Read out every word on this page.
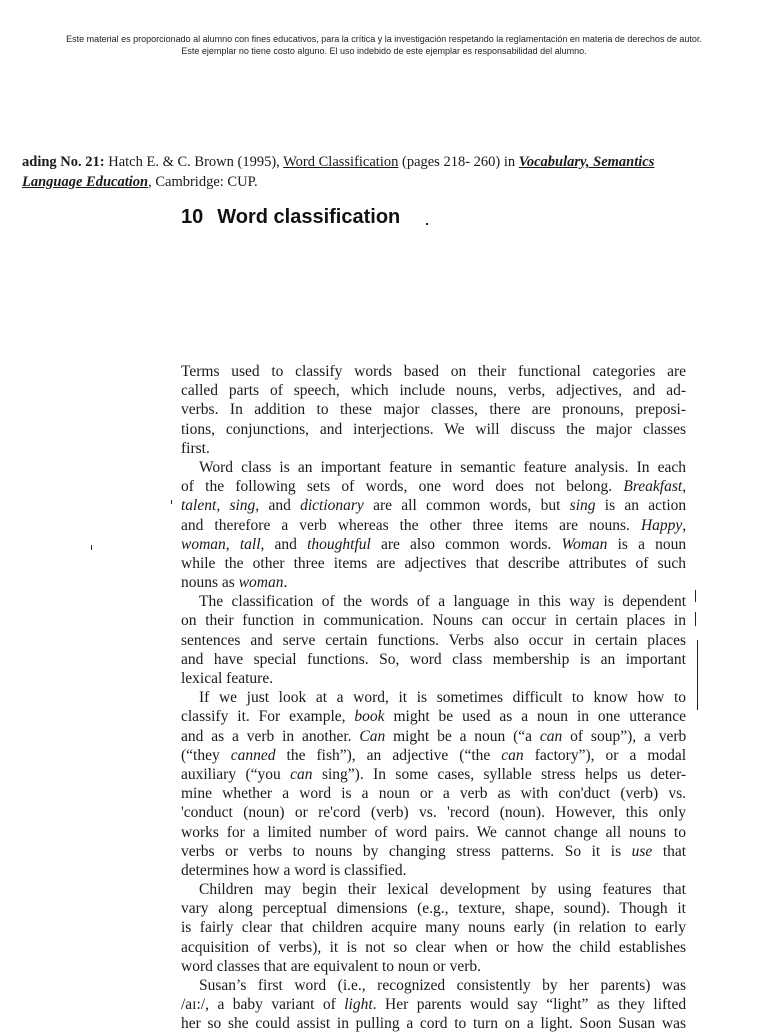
Este material es proporcionado al alumno con fines educativos, para la crítica y la investigación respetando la reglamentación en materia de derechos de autor.
Este ejemplar no tiene costo alguno. El uso indebido de este ejemplar es responsabilidad del alumno.
ading No. 21: Hatch E. & C. Brown (1995), Word Classification (pages 218- 260) in Vocabulary, Semantics
Language Education, Cambridge: CUP.
10 Word classification
Terms used to classify words based on their functional categories are
called parts of speech, which include nouns, verbs, adjectives, and ad-
verbs. In addition to these major classes, there are pronouns, preposi-
tions, conjunctions, and interjections. We will discuss the major classes
first.
Word class is an important feature in semantic feature analysis. In each
of the following sets of words, one word does not belong. Breakfast,
talent, sing, and dictionary are all common words, but sing is an action
and therefore a verb whereas the other three items are nouns. Happy,
woman, tall, and thoughtful are also common words. Woman is a noun
while the other three items are adjectives that describe attributes of such
nouns as woman.
The classification of the words of a language in this way is dependent
on their function in communication. Nouns can occur in certain places in
sentences and serve certain functions. Verbs also occur in certain places
and have special functions. So, word class membership is an important
lexical feature.
If we just look at a word, it is sometimes difficult to know how to
classify it. For example, book might be used as a noun in one utterance
and as a verb in another. Can might be a noun (“a can of soup”), a verb
(“they canned the fish”), an adjective (“the can factory”), or a modal
auxiliary (“you can sing”). In some cases, syllable stress helps us deter-
mine whether a word is a noun or a verb as with con'duct (verb) vs.
'conduct (noun) or re'cord (verb) vs. 'record (noun). However, this only
works for a limited number of word pairs. We cannot change all nouns to
verbs or verbs to nouns by changing stress patterns. So it is use that
determines how a word is classified.
Children may begin their lexical development by using features that
vary along perceptual dimensions (e.g., texture, shape, sound). Though it
is fairly clear that children acquire many nouns early (in relation to early
acquisition of verbs), it is not so clear when or how the child establishes
word classes that are equivalent to noun or verb.
Susan’s first word (i.e., recognized consistently by her parents) was
/aɪ:/, a baby variant of light. Her parents would say “light” as they lifted
her so she could assist in pulling a cord to turn on a light. Soon Susan was
